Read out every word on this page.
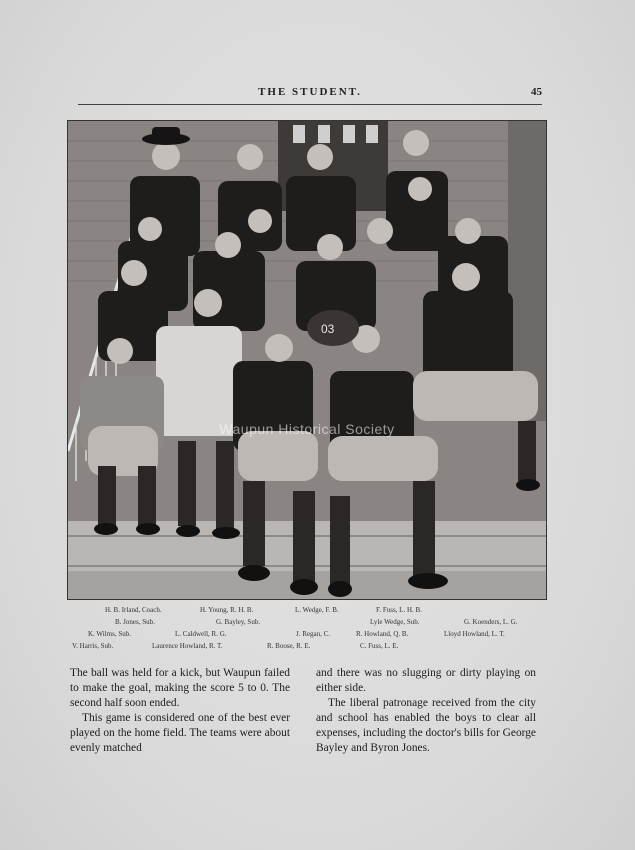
THE STUDENT.	45
03
Waupun Historical Society
H. B. Irland, Coach.	H. Young, R. H. B.	L. Wedge, F. B.	F. Fuss, L. H. B.
B. Jones, Sub.	G. Bayley, Sub.	Lyle Wedge, Sub.	G. Koenders, L. G.
K. Wilms, Sub.	L. Caldwell, R. G.	J. Regan, C.	R. Howland, Q. B.	Lloyd Howland, L. T.
V. Harris, Sub.	Laurence Howland, R. T.	R. Boose, R. E.	C. Fuss, L. E.

The ball was held for a kick, but Waupun failed to make the goal, making the score 5 to 0. The second half soon ended.

This game is considered one of the best ever played on the home field. The teams were about evenly matched

and there was no slugging or dirty playing on either side.

The liberal patronage received from the city and school has enabled the boys to clear all expenses, including the doctor's bills for George Bayley and Byron Jones.
